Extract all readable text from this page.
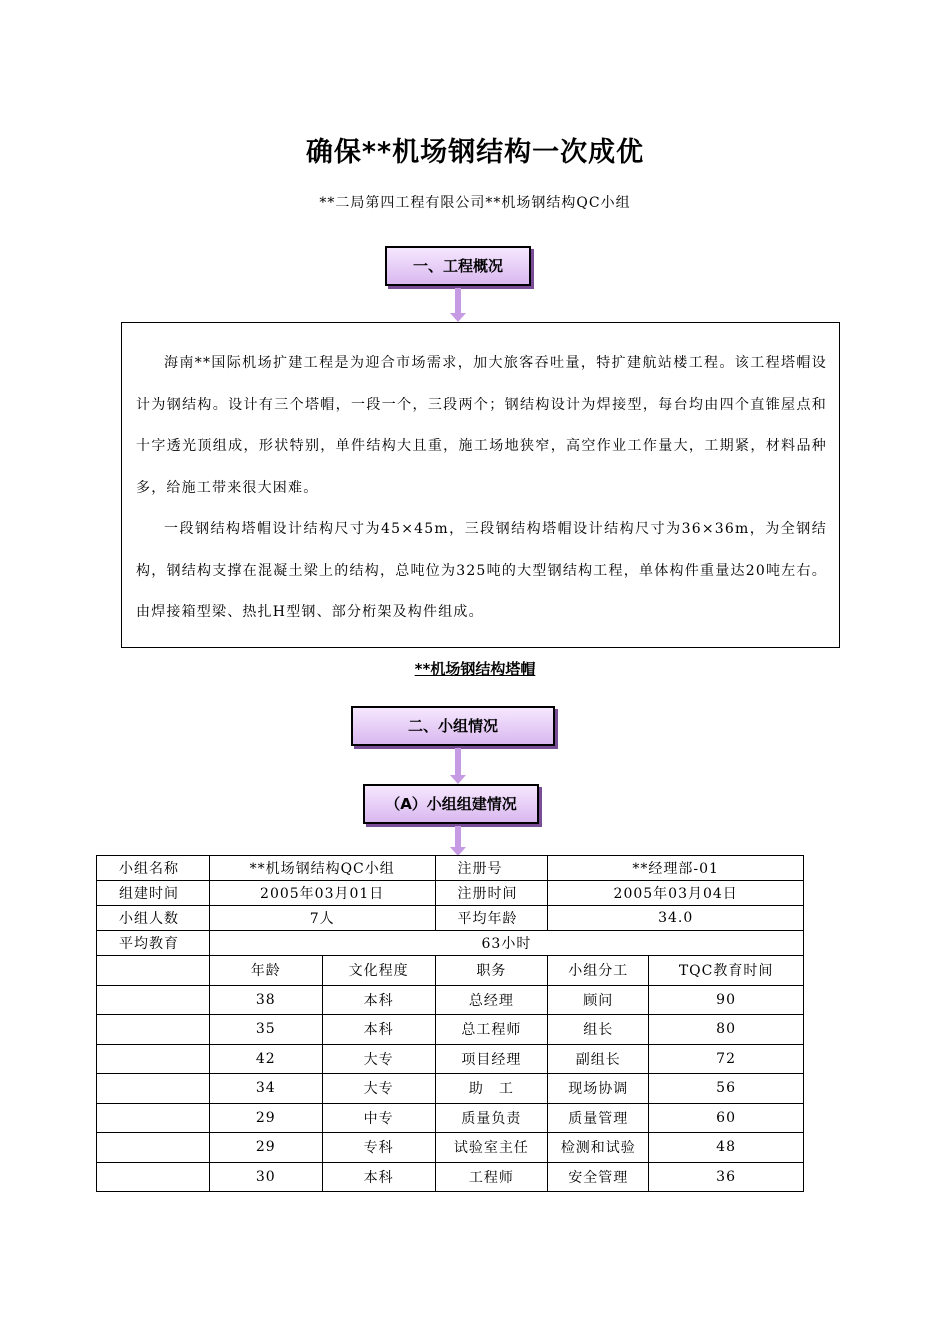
确保**机场钢结构一次成优
**二局第四工程有限公司**机场钢结构QC小组
一、工程概况

海南**国际机场扩建工程是为迎合市场需求，加大旅客吞吐量，特扩建航站楼工程。该工程塔帽设计为钢结构。设计有三个塔帽，一段一个，三段两个；钢结构设计为焊接型，每台均由四个直锥屋点和十字透光顶组成，形状特别，单件结构大且重，施工场地狭窄，高空作业工作量大，工期紧，材料品种多，给施工带来很大困难。

一段钢结构塔帽设计结构尺寸为45×45m，三段钢结构塔帽设计结构尺寸为36×36m，为全钢结构，钢结构支撑在混凝土梁上的结构，总吨位为325吨的大型钢结构工程，单体构件重量达20吨左右。由焊接箱型梁、热扎H型钢、部分桁架及构件组成。

**机场钢结构塔帽
二、小组情况
（A）小组组建情况
小组名称	**机场钢结构QC小组		注册号	**经理部-01	
组建时间	2005年03月01日		注册时间	2005年03月04日	
小组人数	7人		平均年龄	34.0	
平均教育	63小时				
	年龄	文化程度	职务	小组分工	TQC教育时间
	38	本科	总经理	顾问	90
	35	本科	总工程师	组长	80
	42	大专	项目经理	副组长	72
	34	大专	助　工	现场协调	56
	29	中专	质量负责	质量管理	60
	29	专科	试验室主任	检测和试验	48
	30	本科	工程师	安全管理	36
